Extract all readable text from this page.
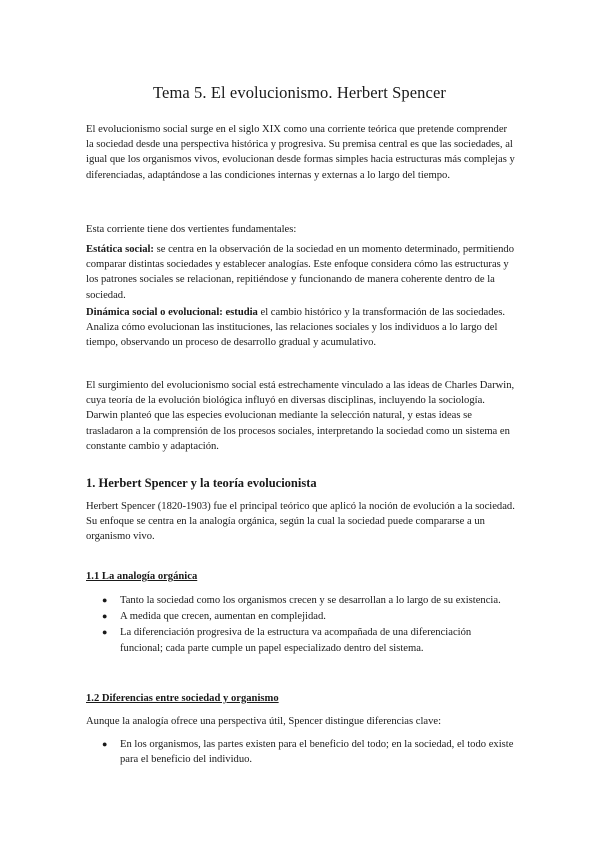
Tema 5. El evolucionismo. Herbert Spencer

El evolucionismo social surge en el siglo XIX como una corriente teórica que pretende comprender la sociedad desde una perspectiva histórica y progresiva. Su premisa central es que las sociedades, al igual que los organismos vivos, evolucionan desde formas simples hacia estructuras más complejas y diferenciadas, adaptándose a las condiciones internas y externas a lo largo del tiempo.

Esta corriente tiene dos vertientes fundamentales:

Estática social: se centra en la observación de la sociedad en un momento determinado, permitiendo comparar distintas sociedades y establecer analogías. Este enfoque considera cómo las estructuras y los patrones sociales se relacionan, repitiéndose y funcionando de manera coherente dentro de la sociedad.

Dinámica social o evolucional: estudia el cambio histórico y la transformación de las sociedades. Analiza cómo evolucionan las instituciones, las relaciones sociales y los individuos a lo largo del tiempo, observando un proceso de desarrollo gradual y acumulativo.

El surgimiento del evolucionismo social está estrechamente vinculado a las ideas de Charles Darwin, cuya teoría de la evolución biológica influyó en diversas disciplinas, incluyendo la sociología. Darwin planteó que las especies evolucionan mediante la selección natural, y estas ideas se trasladaron a la comprensión de los procesos sociales, interpretando la sociedad como un sistema en constante cambio y adaptación.

1. Herbert Spencer y la teoría evolucionista

Herbert Spencer (1820-1903) fue el principal teórico que aplicó la noción de evolución a la sociedad. Su enfoque se centra en la analogía orgánica, según la cual la sociedad puede compararse a un organismo vivo.

1.1 La analogía orgánica
● Tanto la sociedad como los organismos crecen y se desarrollan a lo largo de su existencia.
● A medida que crecen, aumentan en complejidad.
● La diferenciación progresiva de la estructura va acompañada de una diferenciación funcional; cada parte cumple un papel especializado dentro del sistema.
1.2 Diferencias entre sociedad y organismo

Aunque la analogía ofrece una perspectiva útil, Spencer distingue diferencias clave:

● En los organismos, las partes existen para el beneficio del todo; en la sociedad, el todo existe para el beneficio del individuo.
